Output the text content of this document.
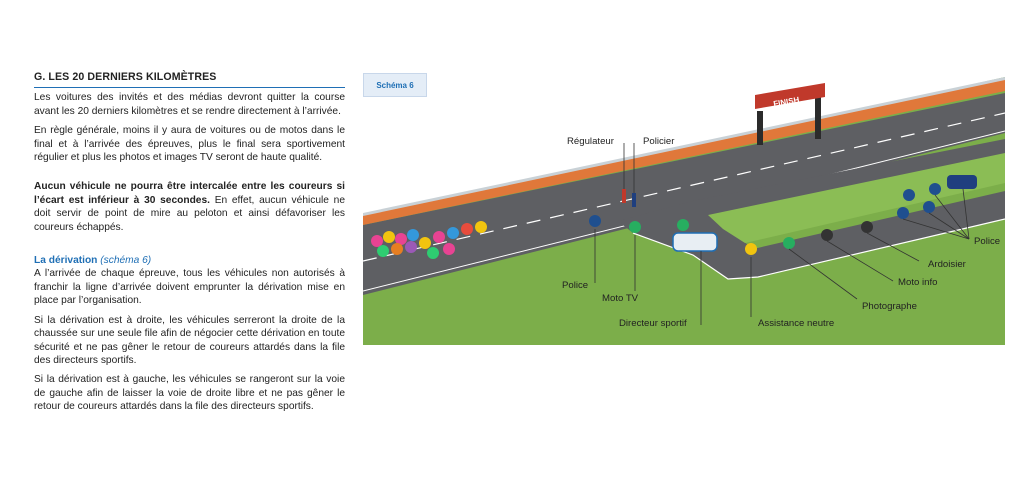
G. LES 20 DERNIERS KILOMÈTRES

Les voitures des invités et des médias devront quitter la course avant les 20 derniers kilomètres et se rendre directement à l’arrivée.

En règle générale, moins il y aura de voitures ou de motos dans le final et à l’arrivée des épreuves, plus le final sera sportivement régulier et plus les photos et images TV seront de haute qualité.

Aucun véhicule ne pourra être intercalée entre les coureurs si l’écart est inférieur à 30 secondes. En effet, aucun véhicule ne doit servir de point de mire au peloton et ainsi défavoriser les coureurs échappés.

La dérivation (schéma 6)

A l’arrivée de chaque épreuve, tous les véhicules non autorisés à franchir la ligne d’arrivée doivent emprunter la dérivation mise en place par l’organisation.

Si la dérivation est à droite, les véhicules serreront la droite de la chaussée sur une seule file afin de négocier cette dérivation en toute sécurité et ne pas gêner le retour de coureurs attardés dans la file des directeurs sportifs.

Si la dérivation est à gauche, les véhicules se rangeront sur la voie de gauche afin de laisser la voie de droite libre et ne pas gêner le retour de coureurs attardés dans la file des directeurs sportifs.

FINISH
Schéma 6
Régulateur	Policier
Police
Moto TV
Directeur sportif	Assistance neutre
Photographe
Moto info
Ardoisier
Police
